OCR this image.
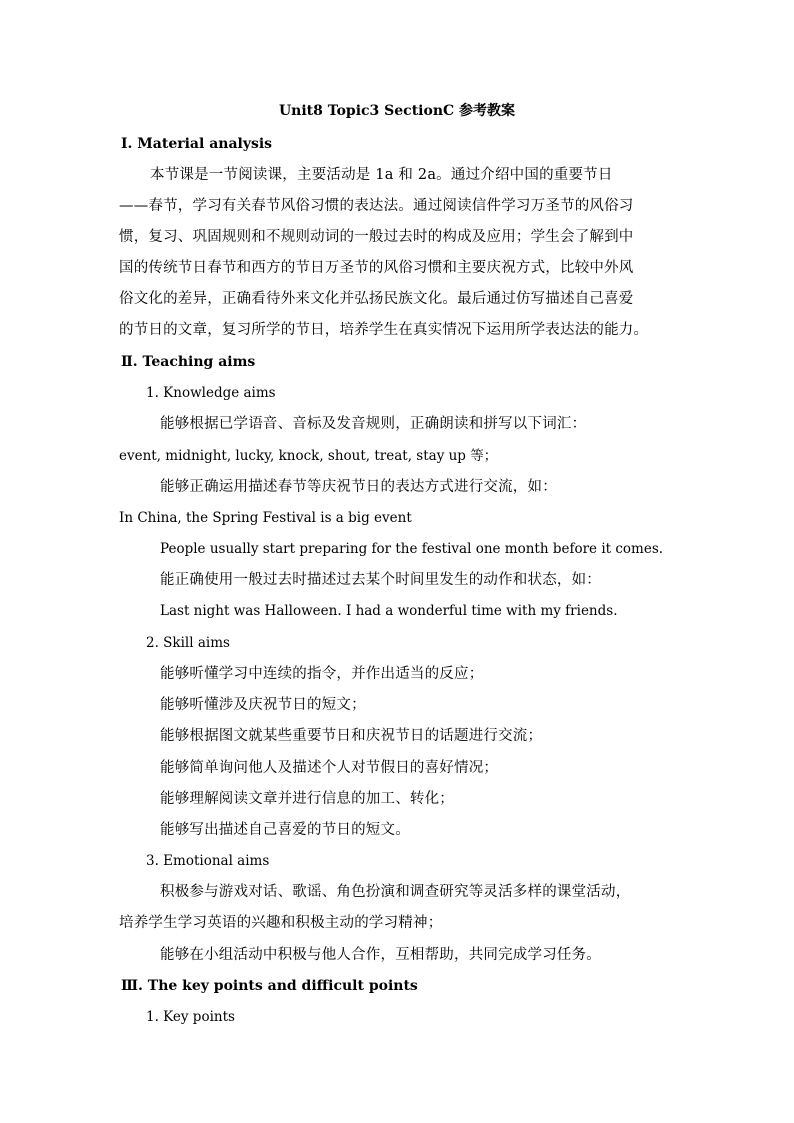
Unit8 Topic3 SectionC 参考教案
Ⅰ. Material analysis
本节课是一节阅读课，主要活动是 1a 和 2a。通过介绍中国的重要节日
——春节，学习有关春节风俗习惯的表达法。通过阅读信件学习万圣节的风俗习
惯，复习、巩固规则和不规则动词的一般过去时的构成及应用；学生会了解到中
国的传统节日春节和西方的节日万圣节的风俗习惯和主要庆祝方式，比较中外风
俗文化的差异，正确看待外来文化并弘扬民族文化。最后通过仿写描述自己喜爱
的节日的文章，复习所学的节日，培养学生在真实情况下运用所学表达法的能力。
Ⅱ. Teaching aims
1. Knowledge aims
能够根据已学语音、音标及发音规则，正确朗读和拼写以下词汇：
event, midnight, lucky, knock, shout, treat, stay up 等；
能够正确运用描述春节等庆祝节日的表达方式进行交流，如：
In China, the Spring Festival is a big event
People usually start preparing for the festival one month before it comes.
能正确使用一般过去时描述过去某个时间里发生的动作和状态，如：
Last night was Halloween. I had a wonderful time with my friends.
2. Skill aims
能够听懂学习中连续的指令，并作出适当的反应；
能够听懂涉及庆祝节日的短文；
能够根据图文就某些重要节日和庆祝节日的话题进行交流；
能够简单询问他人及描述个人对节假日的喜好情况；
能够理解阅读文章并进行信息的加工、转化；
能够写出描述自己喜爱的节日的短文。
3. Emotional aims
积极参与游戏对话、歌谣、角色扮演和调查研究等灵活多样的课堂活动，
培养学生学习英语的兴趣和积极主动的学习精神；
能够在小组活动中积极与他人合作，互相帮助，共同完成学习任务。
Ⅲ. The key points and difficult points
1. Key points
